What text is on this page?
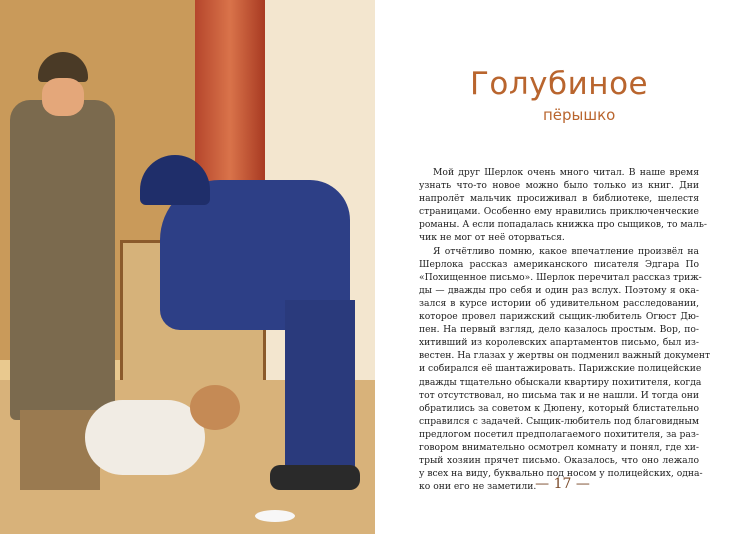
Голубиное
пёрышко
Мой друг Шерлок очень много читал. В наше время
узнать что-то новое можно было только из книг. Дни
напролёт мальчик просиживал в библиотеке, шелестя
страницами. Особенно ему нравились приключенческие
романы. А если попадалась книжка про сыщиков, то маль-
чик не мог от неё оторваться.
Я отчётливо помню, какое впечатление произвёл на
Шерлока рассказ американского писателя Эдгара По
«Похищенное письмо». Шерлок перечитал рассказ триж-
ды — дважды про себя и один раз вслух. Поэтому я ока-
зался в курсе истории об удивительном расследовании,
которое провел парижский сыщик-любитель Огюст Дю-
пен. На первый взгляд, дело казалось простым. Вор, по-
хитивший из королевских апартаментов письмо, был из-
вестен. На глазах у жертвы он подменил важный документ
и собирался её шантажировать. Парижские полицейские
дважды тщательно обыскали квартиру похитителя, когда
тот отсутствовал, но письма так и не нашли. И тогда они
обратились за советом к Дюпену, который блистательно
справился с задачей. Сыщик-любитель под благовидным
предлогом посетил предполагаемого похитителя, за раз-
говором внимательно осмотрел комнату и понял, где хи-
трый хозяин прячет письмо. Оказалось, что оно лежало
у всех на виду, буквально под носом у полицейских, одна-
ко они его не заметили.
— 17 —
